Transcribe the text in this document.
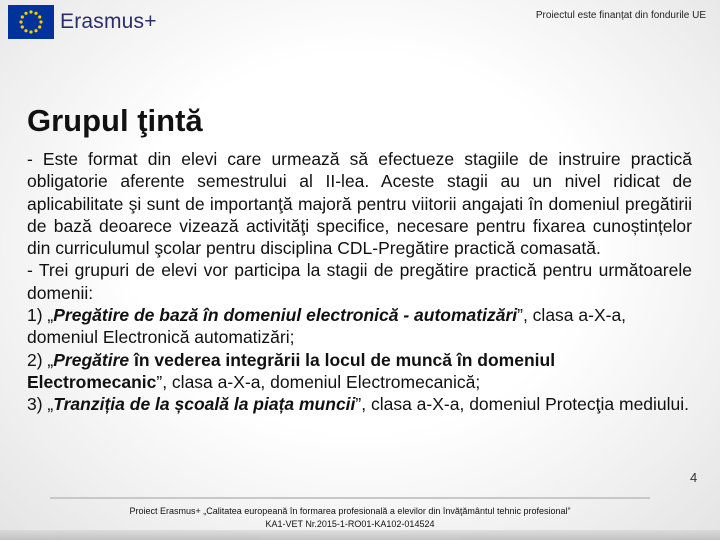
Erasmus+	Proiectul este finanțat din fondurile UE
Grupul ţintă

- Este format din elevi care urmează să efectueze stagiile de instruire practică obligatorie aferente semestrului al II-lea. Aceste stagii au un nivel ridicat de aplicabilitate şi sunt de importanţă majoră pentru viitorii angajati în domeniul pregătirii de bază deoarece vizează activităţi specifice, necesare pentru fixarea cunoștințelor din curriculumul şcolar pentru disciplina CDL-Pregătire practică comasată.

- Trei grupuri de elevi vor participa la stagii de pregătire practică pentru următoarele domenii:

1) „Pregătire de bază în domeniul electronică - automatizări”, clasa a-X-a, domeniul Electronică automatizări;

2) „Pregătire în vederea integrării la locul de muncă în domeniul Electromecanic”, clasa a-X-a, domeniul Electromecanică;

3) „Tranziția de la școală la piața muncii”, clasa a-X-a, domeniul Protecţia mediului.

Proiect Erasmus+ „Calitatea europeană în formarea profesională a elevilor din învăţământul tehnic profesional”
KA1-VET Nr.2015-1-RO01-KA102-014524
4
